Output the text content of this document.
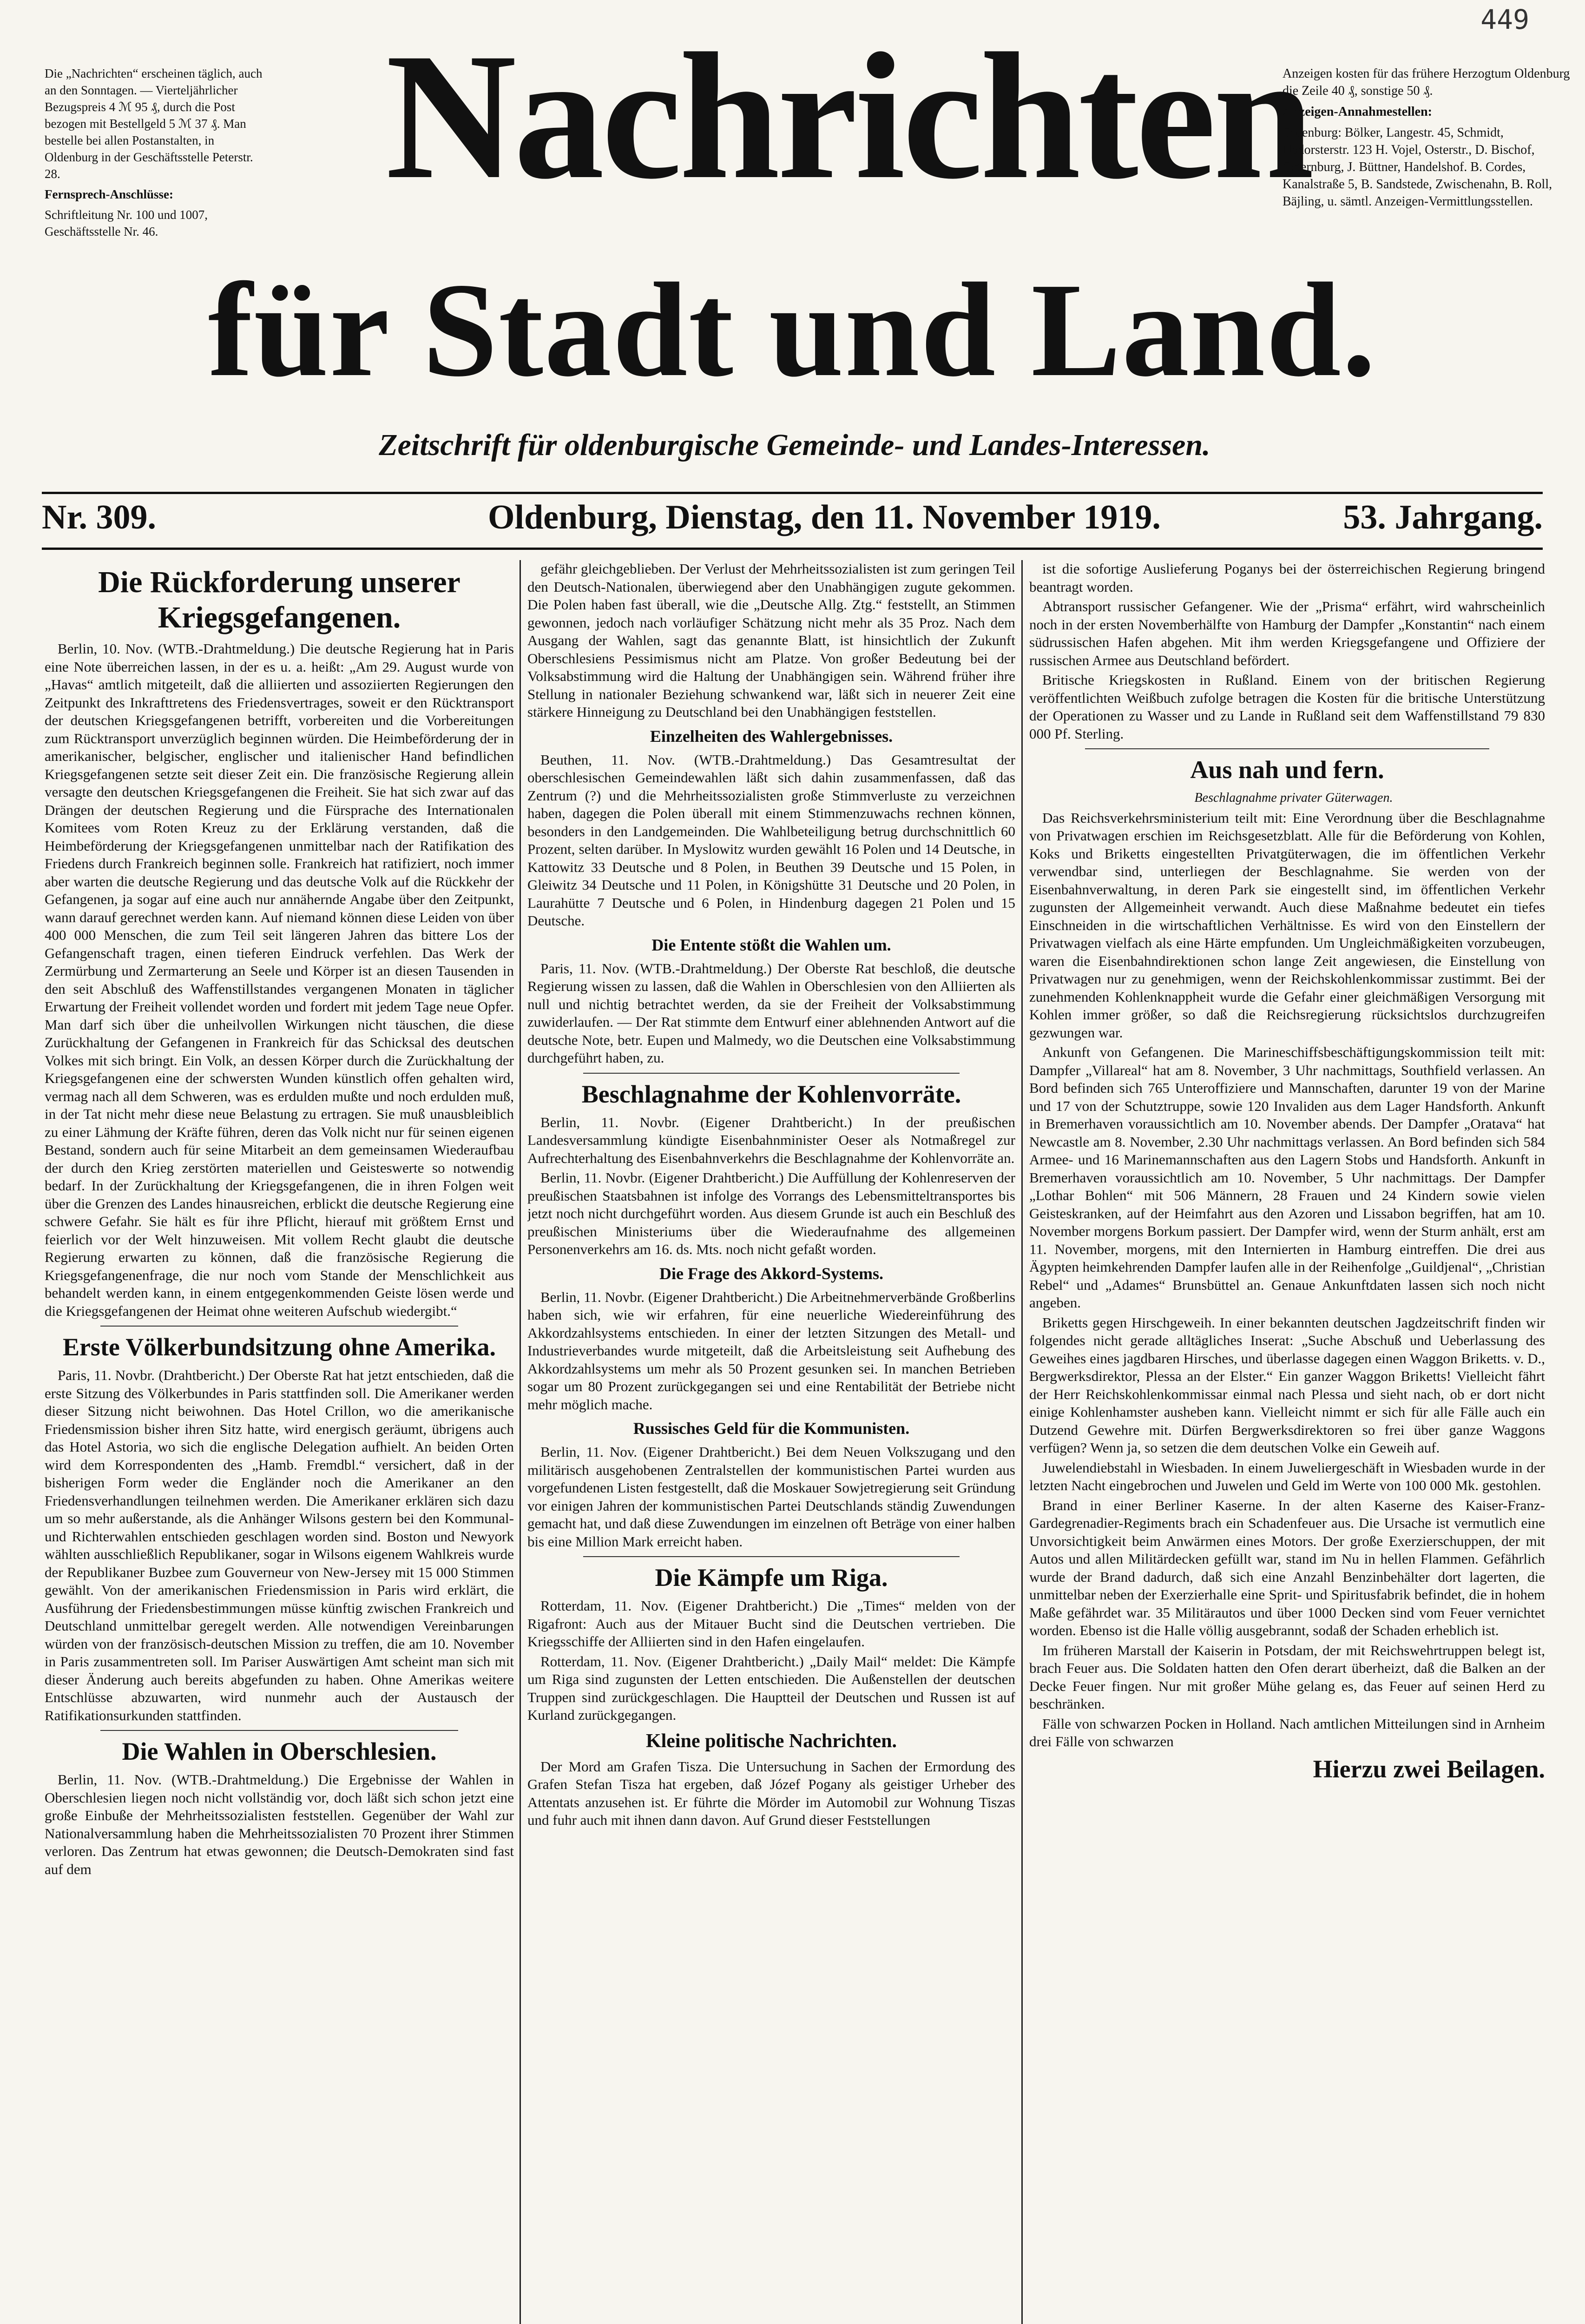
449

Die „Nachrichten“ erscheinen täglich, auch an den Sonntagen. — Vierteljährlicher Bezugspreis 4 ℳ 95 ₰, durch die Post bezogen mit Bestellgeld 5 ℳ 37 ₰. Man bestelle bei allen Postanstalten, in Oldenburg in der Geschäftsstelle Peterstr. 28.

Fernsprech-Anschlüsse:

Schriftleitung Nr. 100 und 1007, Geschäftsstelle Nr. 46.

Nachrichten
für Stadt und Land.

Anzeigen kosten für das frühere Herzogtum Oldenburg die Zeile 40 ₰, sonstige 50 ₰.

Anzeigen-Annahmestellen:

Oldenburg: Bölker, Langestr. 45, Schmidt, Nadorsterstr. 123 H. Vojel, Osterstr., D. Bischof, Osternburg, J. Büttner, Handelshof. B. Cordes, Kanalstraße 5, B. Sandstede, Zwischenahn, B. Roll, Bäjling, u. sämtl. Anzeigen-Vermittlungsstellen.

Zeitschrift für oldenburgische Gemeinde- und Landes-Interessen.
Nr. 309.	Oldenburg, Dienstag, den 11. November 1919.	53. Jahrgang.
Die Rückforderung unserer Kriegsgefangenen.

Berlin, 10. Nov. (WTB.-Drahtmeldung.) Die deutsche Regierung hat in Paris eine Note überreichen lassen, in der es u. a. heißt: „Am 29. August wurde von „Havas“ amtlich mitgeteilt, daß die alliierten und assoziierten Regierungen den Zeitpunkt des Inkrafttretens des Friedensvertrages, soweit er den Rücktransport der deutschen Kriegsgefangenen betrifft, vorbereiten und die Vorbereitungen zum Rücktransport unverzüglich beginnen würden. Die Heimbeförderung der in amerikanischer, belgischer, englischer und italienischer Hand befindlichen Kriegsgefangenen setzte seit dieser Zeit ein. Die französische Regierung allein versagte den deutschen Kriegsgefangenen die Freiheit. Sie hat sich zwar auf das Drängen der deutschen Regierung und die Fürsprache des Internationalen Komitees vom Roten Kreuz zu der Erklärung verstanden, daß die Heimbeförderung der Kriegsgefangenen unmittelbar nach der Ratifikation des Friedens durch Frankreich beginnen solle. Frankreich hat ratifiziert, noch immer aber warten die deutsche Regierung und das deutsche Volk auf die Rückkehr der Gefangenen, ja sogar auf eine auch nur annähernde Angabe über den Zeitpunkt, wann darauf gerechnet werden kann. Auf niemand können diese Leiden von über 400 000 Menschen, die zum Teil seit längeren Jahren das bittere Los der Gefangenschaft tragen, einen tieferen Eindruck verfehlen. Das Werk der Zermürbung und Zermarterung an Seele und Körper ist an diesen Tausenden in den seit Abschluß des Waffenstillstandes vergangenen Monaten in täglicher Erwartung der Freiheit vollendet worden und fordert mit jedem Tage neue Opfer. Man darf sich über die unheilvollen Wirkungen nicht täuschen, die diese Zurückhaltung der Gefangenen in Frankreich für das Schicksal des deutschen Volkes mit sich bringt. Ein Volk, an dessen Körper durch die Zurückhaltung der Kriegsgefangenen eine der schwersten Wunden künstlich offen gehalten wird, vermag nach all dem Schweren, was es erdulden mußte und noch erdulden muß, in der Tat nicht mehr diese neue Belastung zu ertragen. Sie muß unausbleiblich zu einer Lähmung der Kräfte führen, deren das Volk nicht nur für seinen eigenen Bestand, sondern auch für seine Mitarbeit an dem gemeinsamen Wiederaufbau der durch den Krieg zerstörten materiellen und Geisteswerte so notwendig bedarf. In der Zurückhaltung der Kriegsgefangenen, die in ihren Folgen weit über die Grenzen des Landes hinausreichen, erblickt die deutsche Regierung eine schwere Gefahr. Sie hält es für ihre Pflicht, hierauf mit größtem Ernst und feierlich vor der Welt hinzuweisen. Mit vollem Recht glaubt die deutsche Regierung erwarten zu können, daß die französische Regierung die Kriegsgefangenenfrage, die nur noch vom Stande der Menschlichkeit aus behandelt werden kann, in einem entgegenkommenden Geiste lösen werde und die Kriegsgefangenen der Heimat ohne weiteren Aufschub wiedergibt.“

Erste Völkerbundsitzung ohne Amerika.

Paris, 11. Novbr. (Drahtbericht.) Der Oberste Rat hat jetzt entschieden, daß die erste Sitzung des Völkerbundes in Paris stattfinden soll. Die Amerikaner werden dieser Sitzung nicht beiwohnen. Das Hotel Crillon, wo die amerikanische Friedensmission bisher ihren Sitz hatte, wird energisch geräumt, übrigens auch das Hotel Astoria, wo sich die englische Delegation aufhielt. An beiden Orten wird dem Korrespondenten des „Hamb. Fremdbl.“ versichert, daß in der bisherigen Form weder die Engländer noch die Amerikaner an den Friedensverhandlungen teilnehmen werden. Die Amerikaner erklären sich dazu um so mehr außerstande, als die Anhänger Wilsons gestern bei den Kommunal- und Richterwahlen entschieden geschlagen worden sind. Boston und Newyork wählten ausschließlich Republikaner, sogar in Wilsons eigenem Wahlkreis wurde der Republikaner Buzbee zum Gouverneur von New-Jersey mit 15 000 Stimmen gewählt. Von der amerikanischen Friedensmission in Paris wird erklärt, die Ausführung der Friedensbestimmungen müsse künftig zwischen Frankreich und Deutschland unmittelbar geregelt werden. Alle notwendigen Vereinbarungen würden von der französisch-deutschen Mission zu treffen, die am 10. November in Paris zusammentreten soll. Im Pariser Auswärtigen Amt scheint man sich mit dieser Änderung auch bereits abgefunden zu haben. Ohne Amerikas weitere Entschlüsse abzuwarten, wird nunmehr auch der Austausch der Ratifikationsurkunden stattfinden.

Die Wahlen in Oberschlesien.

Berlin, 11. Nov. (WTB.-Drahtmeldung.) Die Ergebnisse der Wahlen in Oberschlesien liegen noch nicht vollständig vor, doch läßt sich schon jetzt eine große Einbuße der Mehrheitssozialisten feststellen. Gegenüber der Wahl zur Nationalversammlung haben die Mehrheitssozialisten 70 Prozent ihrer Stimmen verloren. Das Zentrum hat etwas gewonnen; die Deutsch-Demokraten sind fast auf dem

gefähr gleichgeblieben. Der Verlust der Mehrheitssozialisten ist zum geringen Teil den Deutsch-Nationalen, überwiegend aber den Unabhängigen zugute gekommen. Die Polen haben fast überall, wie die „Deutsche Allg. Ztg.“ feststellt, an Stimmen gewonnen, jedoch nach vorläufiger Schätzung nicht mehr als 35 Proz. Nach dem Ausgang der Wahlen, sagt das genannte Blatt, ist hinsichtlich der Zukunft Oberschlesiens Pessimismus nicht am Platze. Von großer Bedeutung bei der Volksabstimmung wird die Haltung der Unabhängigen sein. Während früher ihre Stellung in nationaler Beziehung schwankend war, läßt sich in neuerer Zeit eine stärkere Hinneigung zu Deutschland bei den Unabhängigen feststellen.

Einzelheiten des Wahlergebnisses.

Beuthen, 11. Nov. (WTB.-Drahtmeldung.) Das Gesamtresultat der oberschlesischen Gemeindewahlen läßt sich dahin zusammenfassen, daß das Zentrum (?) und die Mehrheitssozialisten große Stimmverluste zu verzeichnen haben, dagegen die Polen überall mit einem Stimmenzuwachs rechnen können, besonders in den Landgemeinden. Die Wahlbeteiligung betrug durchschnittlich 60 Prozent, selten darüber. In Myslowitz wurden gewählt 16 Polen und 14 Deutsche, in Kattowitz 33 Deutsche und 8 Polen, in Beuthen 39 Deutsche und 15 Polen, in Gleiwitz 34 Deutsche und 11 Polen, in Königshütte 31 Deutsche und 20 Polen, in Laurahütte 7 Deutsche und 6 Polen, in Hindenburg dagegen 21 Polen und 15 Deutsche.

Die Entente stößt die Wahlen um.

Paris, 11. Nov. (WTB.-Drahtmeldung.) Der Oberste Rat beschloß, die deutsche Regierung wissen zu lassen, daß die Wahlen in Oberschlesien von den Alliierten als null und nichtig betrachtet werden, da sie der Freiheit der Volksabstimmung zuwiderlaufen. — Der Rat stimmte dem Entwurf einer ablehnenden Antwort auf die deutsche Note, betr. Eupen und Malmedy, wo die Deutschen eine Volksabstimmung durchgeführt haben, zu.

Beschlagnahme der Kohlenvorräte.

Berlin, 11. Novbr. (Eigener Drahtbericht.) In der preußischen Landesversammlung kündigte Eisenbahnminister Oeser als Notmaßregel zur Aufrechterhaltung des Eisenbahnverkehrs die Beschlagnahme der Kohlenvorräte an.

Berlin, 11. Novbr. (Eigener Drahtbericht.) Die Auffüllung der Kohlenreserven der preußischen Staatsbahnen ist infolge des Vorrangs des Lebensmitteltransportes bis jetzt noch nicht durchgeführt worden. Aus diesem Grunde ist auch ein Beschluß des preußischen Ministeriums über die Wiederaufnahme des allgemeinen Personenverkehrs am 16. ds. Mts. noch nicht gefaßt worden.

Die Frage des Akkord-Systems.

Berlin, 11. Novbr. (Eigener Drahtbericht.) Die Arbeitnehmerverbände Großberlins haben sich, wie wir erfahren, für eine neuerliche Wiedereinführung des Akkordzahlsystems entschieden. In einer der letzten Sitzungen des Metall- und Industrieverbandes wurde mitgeteilt, daß die Arbeitsleistung seit Aufhebung des Akkordzahlsystems um mehr als 50 Prozent gesunken sei. In manchen Betrieben sogar um 80 Prozent zurückgegangen sei und eine Rentabilität der Betriebe nicht mehr möglich mache.

Russisches Geld für die Kommunisten.

Berlin, 11. Nov. (Eigener Drahtbericht.) Bei dem Neuen Volkszugang und den militärisch ausgehobenen Zentralstellen der kommunistischen Partei wurden aus vorgefundenen Listen festgestellt, daß die Moskauer Sowjetregierung seit Gründung vor einigen Jahren der kommunistischen Partei Deutschlands ständig Zuwendungen gemacht hat, und daß diese Zuwendungen im einzelnen oft Beträge von einer halben bis eine Million Mark erreicht haben.

Die Kämpfe um Riga.

Rotterdam, 11. Nov. (Eigener Drahtbericht.) Die „Times“ melden von der Rigafront: Auch aus der Mitauer Bucht sind die Deutschen vertrieben. Die Kriegsschiffe der Alliierten sind in den Hafen eingelaufen.

Rotterdam, 11. Nov. (Eigener Drahtbericht.) „Daily Mail“ meldet: Die Kämpfe um Riga sind zugunsten der Letten entschieden. Die Außenstellen der deutschen Truppen sind zurückgeschlagen. Die Hauptteil der Deutschen und Russen ist auf Kurland zurückgegangen.

Kleine politische Nachrichten.

Der Mord am Grafen Tisza. Die Untersuchung in Sachen der Ermordung des Grafen Stefan Tisza hat ergeben, daß Józef Pogany als geistiger Urheber des Attentats anzusehen ist. Er führte die Mörder im Automobil zur Wohnung Tiszas und fuhr auch mit ihnen dann davon. Auf Grund dieser Feststellungen

ist die sofortige Auslieferung Poganys bei der österreichischen Regierung bringend beantragt worden.

Abtransport russischer Gefangener. Wie der „Prisma“ erfährt, wird wahrscheinlich noch in der ersten Novemberhälfte von Hamburg der Dampfer „Konstantin“ nach einem südrussischen Hafen abgehen. Mit ihm werden Kriegsgefangene und Offiziere der russischen Armee aus Deutschland befördert.

Britische Kriegskosten in Rußland. Einem von der britischen Regierung veröffentlichten Weißbuch zufolge betragen die Kosten für die britische Unterstützung der Operationen zu Wasser und zu Lande in Rußland seit dem Waffenstillstand 79 830 000 Pf. Sterling.

Aus nah und fern.

Beschlagnahme privater Güterwagen.

Das Reichsverkehrsministerium teilt mit: Eine Verordnung über die Beschlagnahme von Privatwagen erschien im Reichsgesetzblatt. Alle für die Beförderung von Kohlen, Koks und Briketts eingestellten Privatgüterwagen, die im öffentlichen Verkehr verwendbar sind, unterliegen der Beschlagnahme. Sie werden von der Eisenbahnverwaltung, in deren Park sie eingestellt sind, im öffentlichen Verkehr zugunsten der Allgemeinheit verwandt. Auch diese Maßnahme bedeutet ein tiefes Einschneiden in die wirtschaftlichen Verhältnisse. Es wird von den Einstellern der Privatwagen vielfach als eine Härte empfunden. Um Ungleichmäßigkeiten vorzubeugen, waren die Eisenbahndirektionen schon lange Zeit angewiesen, die Einstellung von Privatwagen nur zu genehmigen, wenn der Reichskohlenkommissar zustimmt. Bei der zunehmenden Kohlenknappheit wurde die Gefahr einer gleichmäßigen Versorgung mit Kohlen immer größer, so daß die Reichsregierung rücksichtslos durchzugreifen gezwungen war.

Ankunft von Gefangenen. Die Marineschiffsbeschäftigungskommission teilt mit: Dampfer „Villareal“ hat am 8. November, 3 Uhr nachmittags, Southfield verlassen. An Bord befinden sich 765 Unteroffiziere und Mannschaften, darunter 19 von der Marine und 17 von der Schutztruppe, sowie 120 Invaliden aus dem Lager Handsforth. Ankunft in Bremerhaven voraussichtlich am 10. November abends. Der Dampfer „Oratava“ hat Newcastle am 8. November, 2.30 Uhr nachmittags verlassen. An Bord befinden sich 584 Armee- und 16 Marinemannschaften aus den Lagern Stobs und Handsforth. Ankunft in Bremerhaven voraussichtlich am 10. November, 5 Uhr nachmittags. Der Dampfer „Lothar Bohlen“ mit 506 Männern, 28 Frauen und 24 Kindern sowie vielen Geisteskranken, auf der Heimfahrt aus den Azoren und Lissabon begriffen, hat am 10. November morgens Borkum passiert. Der Dampfer wird, wenn der Sturm anhält, erst am 11. November, morgens, mit den Internierten in Hamburg eintreffen. Die drei aus Ägypten heimkehrenden Dampfer laufen alle in der Reihenfolge „Guildjenal“, „Christian Rebel“ und „Adames“ Brunsbüttel an. Genaue Ankunftdaten lassen sich noch nicht angeben.

Briketts gegen Hirschgeweih. In einer bekannten deutschen Jagdzeitschrift finden wir folgendes nicht gerade alltägliches Inserat: „Suche Abschuß und Ueberlassung des Geweihes eines jagdbaren Hirsches, und überlasse dagegen einen Waggon Briketts. v. D., Bergwerksdirektor, Plessa an der Elster.“ Ein ganzer Waggon Briketts! Vielleicht fährt der Herr Reichskohlenkommissar einmal nach Plessa und sieht nach, ob er dort nicht einige Kohlenhamster ausheben kann. Vielleicht nimmt er sich für alle Fälle auch ein Dutzend Gewehre mit. Dürfen Bergwerksdirektoren so frei über ganze Waggons verfügen? Wenn ja, so setzen die dem deutschen Volke ein Geweih auf.

Juwelendiebstahl in Wiesbaden. In einem Juweliergeschäft in Wiesbaden wurde in der letzten Nacht eingebrochen und Juwelen und Geld im Werte von 100 000 Mk. gestohlen.

Brand in einer Berliner Kaserne. In der alten Kaserne des Kaiser-Franz-Gardegrenadier-Regiments brach ein Schadenfeuer aus. Die Ursache ist vermutlich eine Unvorsichtigkeit beim Anwärmen eines Motors. Der große Exerzierschuppen, der mit Autos und allen Militärdecken gefüllt war, stand im Nu in hellen Flammen. Gefährlich wurde der Brand dadurch, daß sich eine Anzahl Benzinbehälter dort lagerten, die unmittelbar neben der Exerzierhalle eine Sprit- und Spiritusfabrik befindet, die in hohem Maße gefährdet war. 35 Militärautos und über 1000 Decken sind vom Feuer vernichtet worden. Ebenso ist die Halle völlig ausgebrannt, sodaß der Schaden erheblich ist.

Im früheren Marstall der Kaiserin in Potsdam, der mit Reichswehrtruppen belegt ist, brach Feuer aus. Die Soldaten hatten den Ofen derart überheizt, daß die Balken an der Decke Feuer fingen. Nur mit großer Mühe gelang es, das Feuer auf seinen Herd zu beschränken.

Fälle von schwarzen Pocken in Holland. Nach amtlichen Mitteilungen sind in Arnheim drei Fälle von schwarzen

Hierzu zwei Beilagen.
